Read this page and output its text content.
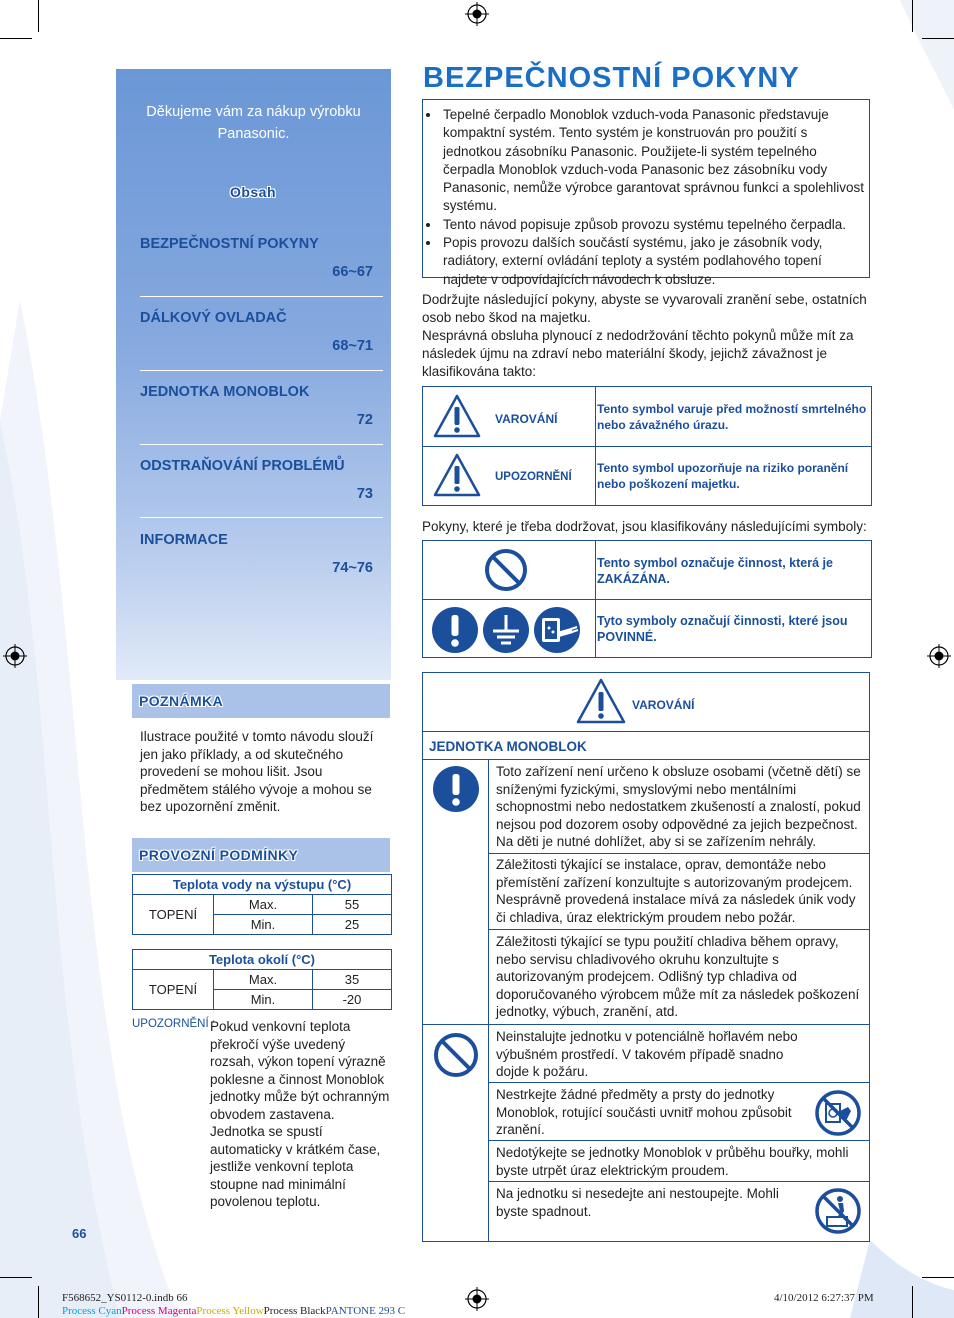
Děkujeme vám za nákup výrobku Panasonic.
Obsah
BEZPEČNOSTNÍ POKYNY
66~67
DÁLKOVÝ OVLADAČ
68~71
JEDNOTKA MONOBLOK
72
ODSTRAŇOVÁNÍ PROBLÉMŮ
73
INFORMACE
74~76
POZNÁMKA
Ilustrace použité v tomto návodu slouží jen jako příklady, a od skutečného provedení se mohou lišit. Jsou předmětem stálého vývoje a mohou se bez upozornění změnit.
PROVOZNÍ PODMÍNKY
Teplota vody na výstupu (°C)		
TOPENÍ	Max.	55
	Min.	25
Teplota okolí (°C)		
TOPENÍ	Max.	35
	Min.	-20
UPOZORNĚNÍ :
Pokud venkovní teplota překročí výše uvedený rozsah, výkon topení výrazně poklesne a činnost Monoblok jednotky může být ochranným obvodem zastavena. Jednotka se spustí automaticky v krátkém čase, jestliže venkovní teplota stoupne nad minimální povolenou teplotu.
66
BEZPEČNOSTNÍ POKYNY
• Tepelné čerpadlo Monoblok vzduch-voda Panasonic představuje kompaktní systém. Tento systém je konstruován pro použití s jednotkou zásobníku Panasonic. Použijete-li systém tepelného čerpadla Monoblok vzduch-voda Panasonic bez zásobníku vody Panasonic, nemůže výrobce garantovat správnou funkci a spolehlivost systému.
• Tento návod popisuje způsob provozu systému tepelného čerpadla.
• Popis provozu dalších součástí systému, jako je zásobník vody, radiátory, externí ovládání teploty a systém podlahového topení najdete v odpovídajících návodech k obsluze.
Dodržujte následující pokyny, abyste se vyvarovali zranění sebe, ostatních osob nebo škod na majetku.
Nesprávná obsluha plynoucí z nedodržování těchto pokynů může mít za následek újmu na zdraví nebo materiální škody, jejichž závažnost je klasifikována takto:
VAROVÁNÍ
Tento symbol varuje před možností smrtelného nebo závažného úrazu.
UPOZORNĚNÍ
Tento symbol upozorňuje na riziko poranění nebo poškození majetku.
Pokyny, které je třeba dodržovat, jsou klasifikovány následujícími symboly:
Tento symbol označuje činnost, která je ZAKÁZÁNA.
Tyto symboly označují činnosti, které jsou POVINNÉ.
VAROVÁNÍ
JEDNOTKA MONOBLOK
Toto zařízení není určeno k obsluze osobami (včetně dětí) se sníženými fyzickými, smyslovými nebo mentálními schopnostmi nebo nedostatkem zkušeností a znalostí, pokud nejsou pod dozorem osoby odpovědné za jejich bezpečnost. Na děti je nutné dohlížet, aby si se zařízením nehrály.
Záležitosti týkající se instalace, oprav, demontáže nebo přemístění zařízení konzultujte s autorizovaným prodejcem. Nesprávně provedená instalace mívá za následek únik vody či chladiva, úraz elektrickým proudem nebo požár.
Záležitosti týkající se typu použití chladiva během opravy, nebo servisu chladivového okruhu konzultujte s autorizovaným prodejcem. Odlišný typ chladiva od doporučovaného výrobcem může mít za následek poškození jednotky, výbuch, zranění, atd.
Neinstalujte jednotku v potenciálně hořlavém nebo výbušném prostředí. V takovém případě snadno dojde k požáru.
Nestrkejte žádné předměty a prsty do jednotky Monoblok, rotující součásti uvnitř mohou způsobit zranění.
Nedotýkejte se jednotky Monoblok v průběhu bouřky, mohli byste utrpět úraz elektrickým proudem.
Na jednotku si nesedejte ani nestoupejte. Mohli byste spadnout.
F568652_YS0112-0.indb 66	4/10/2012 6:27:37 PM
Process CyanProcess MagentaProcess YellowProcess BlackPANTONE 293 C
